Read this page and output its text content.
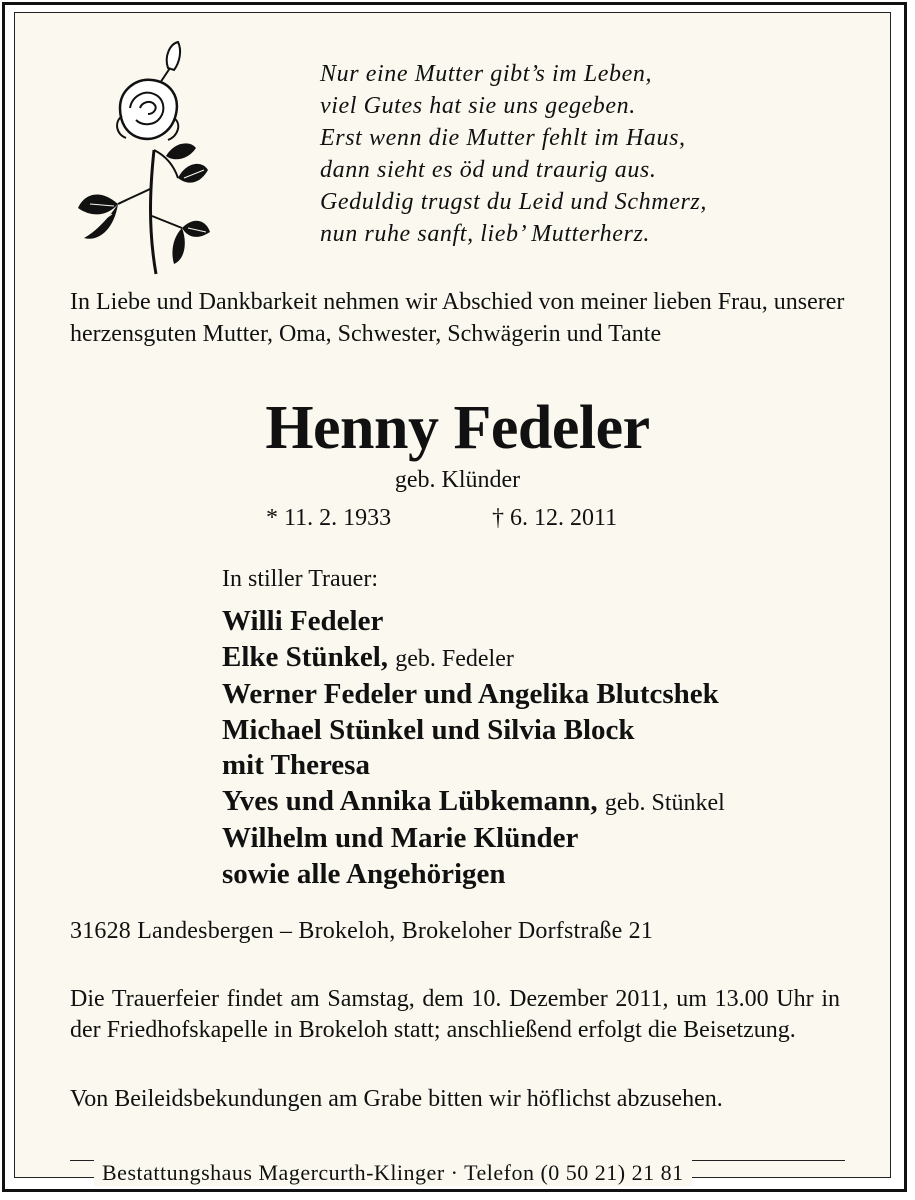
Nur eine Mutter gibt’s im Leben,
viel Gutes hat sie uns gegeben.
Erst wenn die Mutter fehlt im Haus,
dann sieht es öd und traurig aus.
Geduldig trugst du Leid und Schmerz,
nun ruhe sanft, lieb’ Mutterherz.
In Liebe und Dankbarkeit nehmen wir Abschied von meiner lieben Frau, unserer herzensguten Mutter, Oma, Schwester, Schwägerin und Tante
Henny Fedeler
geb. Klünder
* 11. 2. 1933	† 6. 12. 2011
In stiller Trauer:
Willi Fedeler
Elke Stünkel, geb. Fedeler
Werner Fedeler und Angelika Blutcshek
Michael Stünkel und Silvia Block
mit Theresa
Yves und Annika Lübkemann, geb. Stünkel
Wilhelm und Marie Klünder
sowie alle Angehörigen
31628 Landesbergen – Brokeloh, Brokeloher Dorfstraße 21
Die Trauerfeier findet am Samstag, dem 10. Dezember 2011, um 13.00 Uhr in der Friedhofskapelle in Brokeloh statt; anschließend erfolgt die Beisetzung.
Von Beileidsbekundungen am Grabe bitten wir höflichst abzusehen.
Bestattungshaus Magercurth-Klinger · Telefon (0 50 21) 21 81
